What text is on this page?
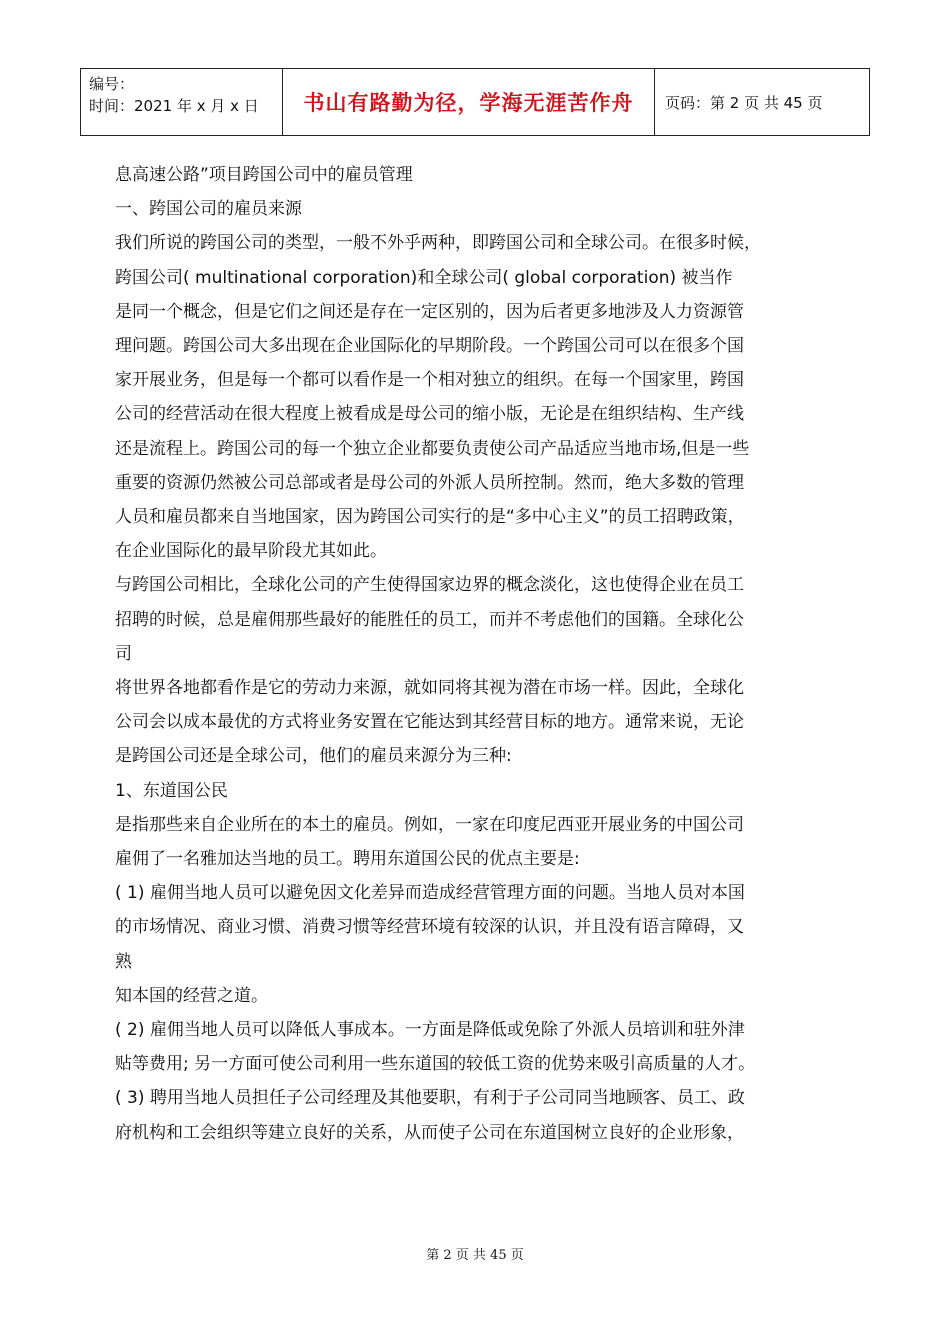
编号：
时间：2021 年 x 月 x 日	书山有路勤为径，学海无涯苦作舟	页码：第 2 页 共 45 页

息高速公路”项目跨国公司中的雇员管理

一、跨国公司的雇员来源

我们所说的跨国公司的类型，一般不外乎两种，即跨国公司和全球公司。在很多时候，

跨国公司( multinational corporation)和全球公司( global corporation) 被当作

是同一个概念，但是它们之间还是存在一定区别的，因为后者更多地涉及人力资源管

理问题。跨国公司大多出现在企业国际化的早期阶段。一个跨国公司可以在很多个国

家开展业务，但是每一个都可以看作是一个相对独立的组织。在每一个国家里，跨国

公司的经营活动在很大程度上被看成是母公司的缩小版，无论是在组织结构、生产线

还是流程上。跨国公司的每一个独立企业都要负责使公司产品适应当地市场,但是一些

重要的资源仍然被公司总部或者是母公司的外派人员所控制。然而，绝大多数的管理

人员和雇员都来自当地国家，因为跨国公司实行的是“多中心主义”的员工招聘政策，

在企业国际化的最早阶段尤其如此。

与跨国公司相比，全球化公司的产生使得国家边界的概念淡化，这也使得企业在员工

招聘的时候，总是雇佣那些最好的能胜任的员工，而并不考虑他们的国籍。全球化公

司

将世界各地都看作是它的劳动力来源，就如同将其视为潜在市场一样。因此，全球化

公司会以成本最优的方式将业务安置在它能达到其经营目标的地方。通常来说，无论

是跨国公司还是全球公司，他们的雇员来源分为三种:

1、东道国公民

是指那些来自企业所在的本土的雇员。例如，一家在印度尼西亚开展业务的中国公司

雇佣了一名雅加达当地的员工。聘用东道国公民的优点主要是:

( 1) 雇佣当地人员可以避免因文化差异而造成经营管理方面的问题。当地人员对本国

的市场情况、商业习惯、消费习惯等经营环境有较深的认识，并且没有语言障碍，又

熟

知本国的经营之道。

( 2) 雇佣当地人员可以降低人事成本。一方面是降低或免除了外派人员培训和驻外津

贴等费用; 另一方面可使公司利用一些东道国的较低工资的优势来吸引高质量的人才。

( 3) 聘用当地人员担任子公司经理及其他要职，有利于子公司同当地顾客、员工、政

府机构和工会组织等建立良好的关系，从而使子公司在东道国树立良好的企业形象，

第 2 页 共 45 页
